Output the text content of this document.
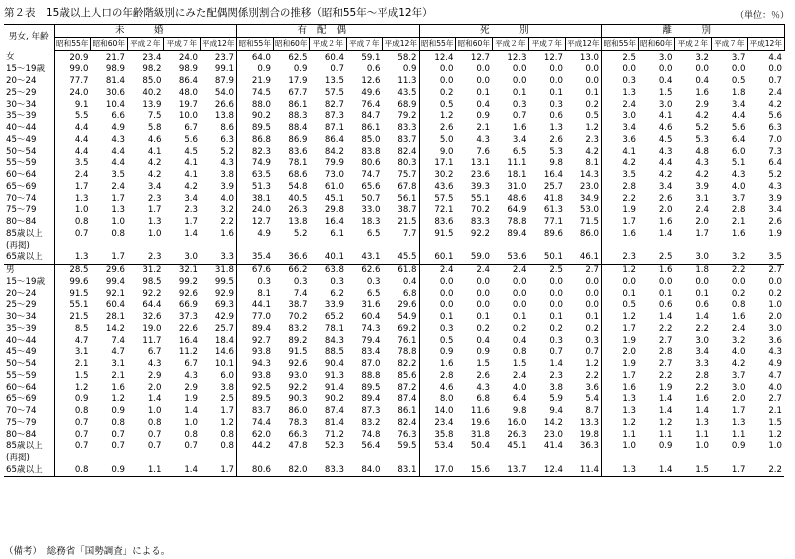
第２表　15歳以上人口の年齢階級別にみた配偶関係別割合の推移（昭和55年〜平成12年）	（単位：％）
男女, 年齢	未　婚					有配偶					死　別					離　別				
	昭和55年	昭和60年	平成２年	平成７年	平成12年	昭和55年	昭和60年	平成２年	平成７年	平成12年	昭和55年	昭和60年	平成２年	平成７年	平成12年	昭和55年	昭和60年	平成２年	平成７年	平成12年
女	20.9	21.7	23.4	24.0	23.7	64.0	62.5	60.4	59.1	58.2	12.4	12.7	12.3	12.7	13.0	2.5	3.0	3.2	3.7	4.4
15〜19歳	99.0	98.9	98.2	98.9	99.1	0.9	0.9	0.7	0.6	0.9	0.0	0.0	0.0	0.0	0.0	0.0	0.0	0.0	0.0	0.0
20〜24	77.7	81.4	85.0	86.4	87.9	21.9	17.9	13.5	12.6	11.3	0.0	0.0	0.0	0.0	0.0	0.3	0.4	0.4	0.5	0.7
25〜29	24.0	30.6	40.2	48.0	54.0	74.5	67.7	57.5	49.6	43.5	0.2	0.1	0.1	0.1	0.1	1.3	1.5	1.6	1.8	2.4
30〜34	9.1	10.4	13.9	19.7	26.6	88.0	86.1	82.7	76.4	68.9	0.5	0.4	0.3	0.3	0.2	2.4	3.0	2.9	3.4	4.2
35〜39	5.5	6.6	7.5	10.0	13.8	90.2	88.3	87.3	84.7	79.2	1.2	0.9	0.7	0.6	0.5	3.0	4.1	4.2	4.4	5.6
40〜44	4.4	4.9	5.8	6.7	8.6	89.5	88.4	87.1	86.1	83.3	2.6	2.1	1.6	1.3	1.2	3.4	4.6	5.2	5.6	6.3
45〜49	4.4	4.3	4.6	5.6	6.3	86.8	86.9	86.4	85.0	83.7	5.0	4.3	3.4	2.6	2.3	3.6	4.5	5.3	6.4	7.0
50〜54	4.4	4.4	4.1	4.5	5.2	82.3	83.6	84.2	83.8	82.4	9.0	7.6	6.5	5.3	4.2	4.1	4.3	4.8	6.0	7.3
55〜59	3.5	4.4	4.2	4.1	4.3	74.9	78.1	79.9	80.6	80.3	17.1	13.1	11.1	9.8	8.1	4.2	4.4	4.3	5.1	6.4
60〜64	2.4	3.5	4.2	4.1	3.8	63.5	68.6	73.0	74.7	75.7	30.2	23.6	18.1	16.4	14.3	3.5	4.2	4.2	4.3	5.2
65〜69	1.7	2.4	3.4	4.2	3.9	51.3	54.8	61.0	65.6	67.8	43.6	39.3	31.0	25.7	23.0	2.8	3.4	3.9	4.0	4.3
70〜74	1.3	1.7	2.3	3.4	4.0	38.1	40.5	45.1	50.7	56.1	57.5	55.1	48.6	41.8	34.9	2.2	2.6	3.1	3.7	3.9
75〜79	1.0	1.3	1.7	2.3	3.2	24.0	26.3	29.8	33.0	38.7	72.1	70.2	64.9	61.3	53.0	1.9	2.0	2.4	2.8	3.4
80〜84	0.8	1.0	1.3	1.7	2.2	12.7	13.8	16.4	18.3	21.5	83.6	83.3	78.8	77.1	71.5	1.7	1.6	2.0	2.1	2.6
85歳以上	0.7	0.8	1.0	1.4	1.6	4.9	5.2	6.1	6.5	7.7	91.5	92.2	89.4	89.6	86.0	1.6	1.4	1.7	1.6	1.9
(再掲)																				
65歳以上	1.3	1.7	2.3	3.0	3.3	35.4	36.6	40.1	43.1	45.5	60.1	59.0	53.6	50.1	46.1	2.3	2.5	3.0	3.2	3.5
男	28.5	29.6	31.2	32.1	31.8	67.6	66.2	63.8	62.6	61.8	2.4	2.4	2.4	2.5	2.7	1.2	1.6	1.8	2.2	2.7
15〜19歳	99.6	99.4	98.5	99.2	99.5	0.3	0.3	0.3	0.3	0.4	0.0	0.0	0.0	0.0	0.0	0.0	0.0	0.0	0.0	0.0
20〜24	91.5	92.1	92.2	92.6	92.9	8.1	7.4	6.2	6.5	6.8	0.0	0.0	0.0	0.0	0.0	0.1	0.1	0.1	0.2	0.2
25〜29	55.1	60.4	64.4	66.9	69.3	44.1	38.7	33.9	31.6	29.6	0.0	0.0	0.0	0.0	0.0	0.5	0.6	0.6	0.8	1.0
30〜34	21.5	28.1	32.6	37.3	42.9	77.0	70.2	65.2	60.4	54.9	0.1	0.1	0.1	0.1	0.1	1.2	1.4	1.4	1.6	2.0
35〜39	8.5	14.2	19.0	22.6	25.7	89.4	83.2	78.1	74.3	69.2	0.3	0.2	0.2	0.2	0.2	1.7	2.2	2.2	2.4	3.0
40〜44	4.7	7.4	11.7	16.4	18.4	92.7	89.2	84.3	79.4	76.1	0.5	0.4	0.4	0.3	0.3	1.9	2.7	3.0	3.2	3.6
45〜49	3.1	4.7	6.7	11.2	14.6	93.8	91.5	88.5	83.4	78.8	0.9	0.9	0.8	0.7	0.7	2.0	2.8	3.4	4.0	4.3
50〜54	2.1	3.1	4.3	6.7	10.1	94.3	92.6	90.4	87.0	82.2	1.6	1.5	1.5	1.4	1.2	1.9	2.7	3.3	4.2	4.9
55〜59	1.5	2.1	2.9	4.3	6.0	93.8	93.0	91.3	88.8	85.6	2.8	2.6	2.4	2.3	2.2	1.7	2.2	2.8	3.7	4.7
60〜64	1.2	1.6	2.0	2.9	3.8	92.5	92.2	91.4	89.5	87.2	4.6	4.3	4.0	3.8	3.6	1.6	1.9	2.2	3.0	4.0
65〜69	0.9	1.2	1.4	1.9	2.5	89.5	90.3	90.2	89.4	87.4	8.0	6.8	6.4	5.9	5.4	1.3	1.4	1.6	2.0	2.7
70〜74	0.8	0.9	1.0	1.4	1.7	83.7	86.0	87.4	87.3	86.1	14.0	11.6	9.8	9.4	8.7	1.3	1.4	1.4	1.7	2.1
75〜79	0.7	0.8	0.8	1.0	1.2	74.4	78.3	81.4	83.2	82.4	23.4	19.6	16.0	14.2	13.3	1.2	1.2	1.3	1.3	1.5
80〜84	0.7	0.7	0.7	0.8	0.8	62.0	66.3	71.2	74.8	76.3	35.8	31.8	26.3	23.0	19.8	1.1	1.1	1.1	1.1	1.2
85歳以上	0.7	0.7	0.7	0.7	0.8	44.2	47.8	52.3	56.4	59.5	53.4	50.4	45.1	41.4	36.3	1.0	0.9	1.0	0.9	1.0
(再掲)																				
65歳以上	0.8	0.9	1.1	1.4	1.7	80.6	82.0	83.3	84.0	83.1	17.0	15.6	13.7	12.4	11.4	1.3	1.4	1.5	1.7	2.2
（備考）　総務省「国勢調査」による。
